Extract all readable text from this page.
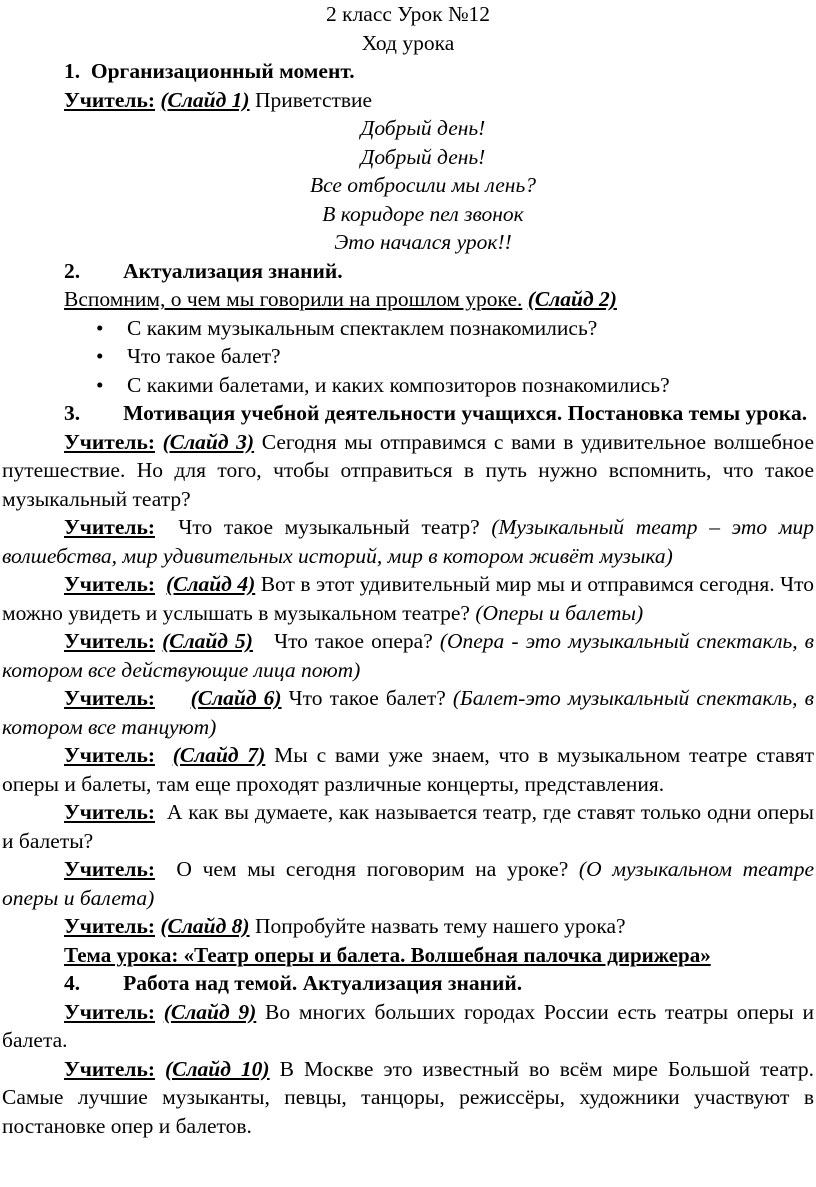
2 класс Урок №12

Ход урока

1. Организационный момент.

Учитель: (Слайд 1) Приветствие

Добрый день!

Добрый день!

Все отбросили мы лень?

В коридоре пел звонок

Это начался урок!!

2. Актуализация знаний.

Вспомним, о чем мы говорили на прошлом уроке. (Слайд 2)

• С каким музыкальным спектаклем познакомились?
• Что такое балет?
• С какими балетами, и каких композиторов познакомились?

3. Мотивация учебной деятельности учащихся. Постановка темы урока.

Учитель: (Слайд 3) Сегодня мы отправимся с вами в удивительное волшебное путешествие. Но для того, чтобы отправиться в путь нужно вспомнить, что такое музыкальный театр?

Учитель:  Что такое музыкальный театр? (Музыкальный театр – это мир волшебства, мир удивительных историй, мир в котором живёт музыка)

Учитель: (Слайд 4) Вот в этот удивительный мир мы и отправимся сегодня. Что можно увидеть и услышать в музыкальном театре? (Оперы и балеты)

Учитель: (Слайд 5)   Что такое опера? (Опера - это музыкальный спектакль, в котором все действующие лица поют)

Учитель: (Слайд 6) Что такое балет? (Балет-это музыкальный спектакль, в котором все танцуют)

Учитель: (Слайд 7) Мы с вами уже знаем, что в музыкальном театре ставят оперы и балеты, там еще проходят различные концерты, представления.

Учитель:  А как вы думаете, как называется театр, где ставят только одни оперы и балеты?

Учитель:  О чем мы сегодня поговорим на уроке? (О музыкальном театре оперы и балета)

Учитель: (Слайд 8) Попробуйте назвать тему нашего урока?

Тема урока: «Театр оперы и балета. Волшебная палочка дирижера»

4. Работа над темой. Актуализация знаний.

Учитель: (Слайд 9) Во многих больших городах России есть театры оперы и балета.

Учитель: (Слайд 10) В Москве это известный во всём мире Большой театр. Самые лучшие музыканты, певцы, танцоры, режиссёры, художники участвуют в постановке опер и балетов.
